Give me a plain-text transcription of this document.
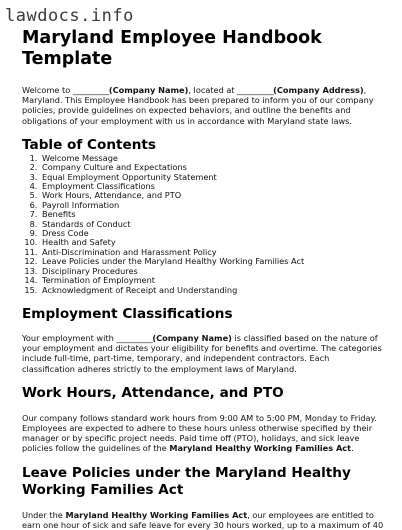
lawdocs.info
Maryland Employee Handbook Template

Welcome to __________(Company Name), located at __________(Company Address), Maryland. This Employee Handbook has been prepared to inform you of our company policies, provide guidelines on expected behaviors, and outline the benefits and obligations of your employment with us in accordance with Maryland state laws.

Table of Contents
1. Welcome Message
2. Company Culture and Expectations
3. Equal Employment Opportunity Statement
4. Employment Classifications
5. Work Hours, Attendance, and PTO
6. Payroll Information
7. Benefits
8. Standards of Conduct
9. Dress Code
10. Health and Safety
11. Anti-Discrimination and Harassment Policy
12. Leave Policies under the Maryland Healthy Working Families Act
13. Disciplinary Procedures
14. Termination of Employment
15. Acknowledgment of Receipt and Understanding
Employment Classifications

Your employment with __________(Company Name) is classified based on the nature of your employment and dictates your eligibility for benefits and overtime. The categories include full-time, part-time, temporary, and independent contractors. Each classification adheres strictly to the employment laws of Maryland.

Work Hours, Attendance, and PTO

Our company follows standard work hours from 9:00 AM to 5:00 PM, Monday to Friday. Employees are expected to adhere to these hours unless otherwise specified by their manager or by specific project needs. Paid time off (PTO), holidays, and sick leave policies follow the guidelines of the Maryland Healthy Working Families Act.

Leave Policies under the Maryland Healthy Working Families Act

Under the Maryland Healthy Working Families Act, our employees are entitled to earn one hour of sick and safe leave for every 30 hours worked, up to a maximum of 40
